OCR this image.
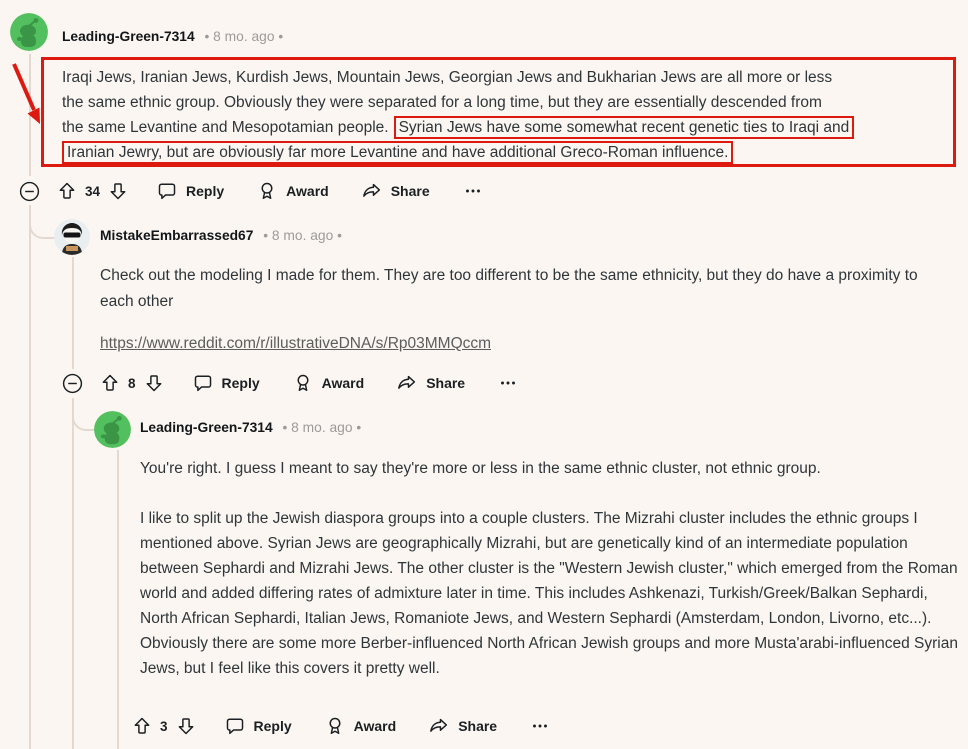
Leading-Green-7314 • 8 mo. ago •
Iraqi Jews, Iranian Jews, Kurdish Jews, Mountain Jews, Georgian Jews and Bukharian Jews are all more or less
the same ethnic group. Obviously they were separated for a long time, but they are essentially descended from
the same Levantine and Mesopotamian people. Syrian Jews have some somewhat recent genetic ties to Iraqi and
Iranian Jewry, but are obviously far more Levantine and have additional Greco-Roman influence.
34	Reply	Award	Share
MistakeEmbarrassed67 • 8 mo. ago •
Check out the modeling I made for them. They are too different to be the same ethnicity, but they do have a proximity to each other
https://www.reddit.com/r/illustrativeDNA/s/Rp03MMQccm
8	Reply	Award	Share
Leading-Green-7314 • 8 mo. ago •
You're right. I guess I meant to say they're more or less in the same ethnic cluster, not ethnic group.
I like to split up the Jewish diaspora groups into a couple clusters. The Mizrahi cluster includes the ethnic groups I mentioned above. Syrian Jews are geographically Mizrahi, but are genetically kind of an intermediate population between Sephardi and Mizrahi Jews. The other cluster is the "Western Jewish cluster," which emerged from the Roman world and added differing rates of admixture later in time. This includes Ashkenazi, Turkish/Greek/Balkan Sephardi, North African Sephardi, Italian Jews, Romaniote Jews, and Western Sephardi (Amsterdam, London, Livorno, etc...). Obviously there are some more Berber-influenced North African Jewish groups and more Musta'arabi-influenced Syrian Jews, but I feel like this covers it pretty well.
3	Reply	Award	Share
